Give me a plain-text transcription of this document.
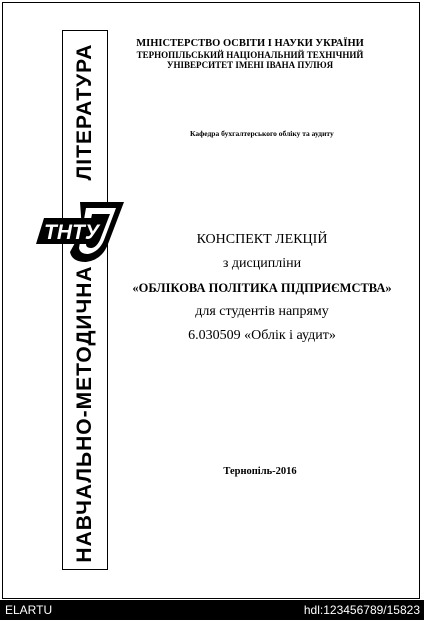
ЛІТЕРАТУРА
НАВЧАЛЬНО-МЕТОДИЧНА
ТНТУ
МІНІСТЕРСТВО ОСВІТИ І НАУКИ УКРАЇНИ
ТЕРНОПІЛЬСЬКИЙ НАЦІОНАЛЬНИЙ ТЕХНІЧНИЙ
УНІВЕРСИТЕТ ІМЕНІ ІВАНА ПУЛЮЯ
Кафедра бухгалтерського обліку та аудиту
КОНСПЕКТ ЛЕКЦІЙ
з дисципліни
«ОБЛІКОВА ПОЛІТИКА ПІДПРИЄМСТВА»
для студентів напряму
6.030509 «Облік і аудит»
Тернопіль-2016
ELARTU	hdl:123456789/15823
